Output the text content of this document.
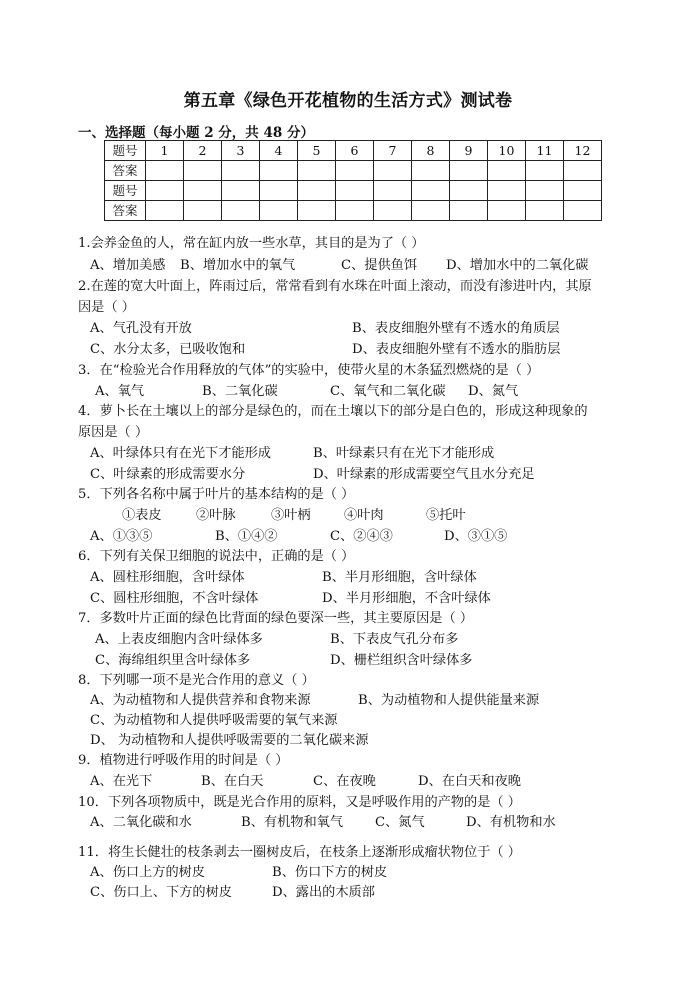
第五章《绿色开花植物的生活方式》测试卷
一、选择题（每小题 2 分，共 48 分）
题号	1	2	3	4	5	6	7	8	9	10	11	12
答案												
题号												
答案												
1.会养金鱼的人，常在缸内放一些水草，其目的是为了（ ）
A、增加美感 B、增加水中的氧气	C、提供鱼饵 D、增加水中的二氧化碳
2.在莲的宽大叶面上，阵雨过后，常常看到有水珠在叶面上滚动，而没有渗进叶内，其原
因是（ ）
A、气孔没有开放	B、表皮细胞外壁有不透水的角质层
C、水分太多，已吸收饱和	D、表皮细胞外壁有不透水的脂肪层
3．在“检验光合作用释放的气体”的实验中，使带火星的木条猛烈燃烧的是（ ）
A、氧气	B、二氧化碳	C、氧气和二氧化碳 D、氮气
4．萝卜长在土壤以上的部分是绿色的，而在土壤以下的部分是白色的，形成这种现象的
原因是（ ）
A、叶绿体只有在光下才能形成	B、叶绿素只有在光下才能形成
C、叶绿素的形成需要水分	D、叶绿素的形成需要空气且水分充足
5．下列各名称中属于叶片的基本结构的是（ ）
①表皮	②叶脉	③叶柄	④叶肉	⑤托叶
A、①③⑤	B、①④②	C、②④③	D、③①⑤
6．下列有关保卫细胞的说法中，正确的是（ ）
A、圆柱形细胞，含叶绿体	B、半月形细胞，含叶绿体
C、圆柱形细胞，不含叶绿体	D、半月形细胞，不含叶绿体
7．多数叶片正面的绿色比背面的绿色要深一些，其主要原因是（ ）
A、上表皮细胞内含叶绿体多	B、下表皮气孔分布多
C、海绵组织里含叶绿体多	D、栅栏组织含叶绿体多
8．下列哪一项不是光合作用的意义（ ）
A、为动植物和人提供营养和食物来源	B、为动植物和人提供能量来源
C、为动植物和人提供呼吸需要的氧气来源
D、 为动植物和人提供呼吸需要的二氧化碳来源
9．植物进行呼吸作用的时间是（ ）
A、在光下	B、在白天	C、在夜晚	D、在白天和夜晚
10．下列各项物质中，既是光合作用的原料，又是呼吸作用的产物的是（ ）
A、二氧化碳和水	B、有机物和氧气 C、氮气	D、有机物和水
11．将生长健壮的枝条剥去一圈树皮后，在枝条上逐渐形成瘤状物位于（ ）
A、伤口上方的树皮	B、伤口下方的树皮
C、伤口上、下方的树皮	D、露出的木质部
